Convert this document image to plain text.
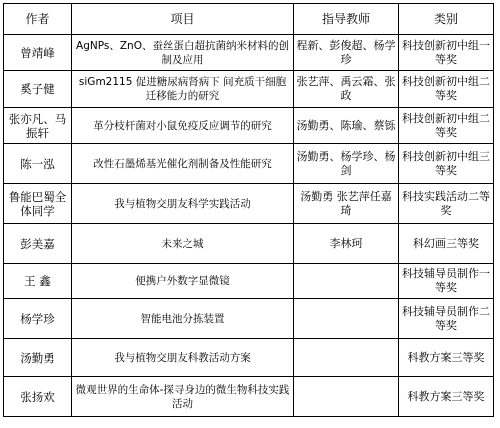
作者	项目	指导教师	类别
曾靖峰	AgNPs、ZnO、蚕丝蛋白超抗菌纳米材料的创制及应用	程新、彭俊超、杨学珍	科技创新初中组一等奖
奚子健	siGm2115 促进糖尿病肾病下 间充质干细胞迁移能力的研究	张艺萍、禹云霜、张政	科技创新初中组二等奖
张亦凡、马振轩	革分枝杆菌对小鼠免疫反应调节的研究	汤勤勇、陈瑜、蔡铄	科技创新初中组二等奖
陈一泓	改性石墨烯基光催化剂制备及性能研究	汤勤勇、杨学珍、杨剑	科技创新初中组三等奖
鲁能巴蜀全体同学	我与植物交朋友科学实践活动	汤勤勇 张艺萍任嘉琦	科技实践活动二等奖
彭美嘉	未来之城	李林珂	科幻画三等奖
王 鑫	便携户外数字显微镜		科技辅导员制作一等奖
杨学珍	智能电池分拣装置		科技辅导员制作二等奖
汤勤勇	我与植物交朋友科教活动方案		科教方案三等奖
张扬欢	微观世界的生命体-探寻身边的微生物科技实践活动		科教方案三等奖
